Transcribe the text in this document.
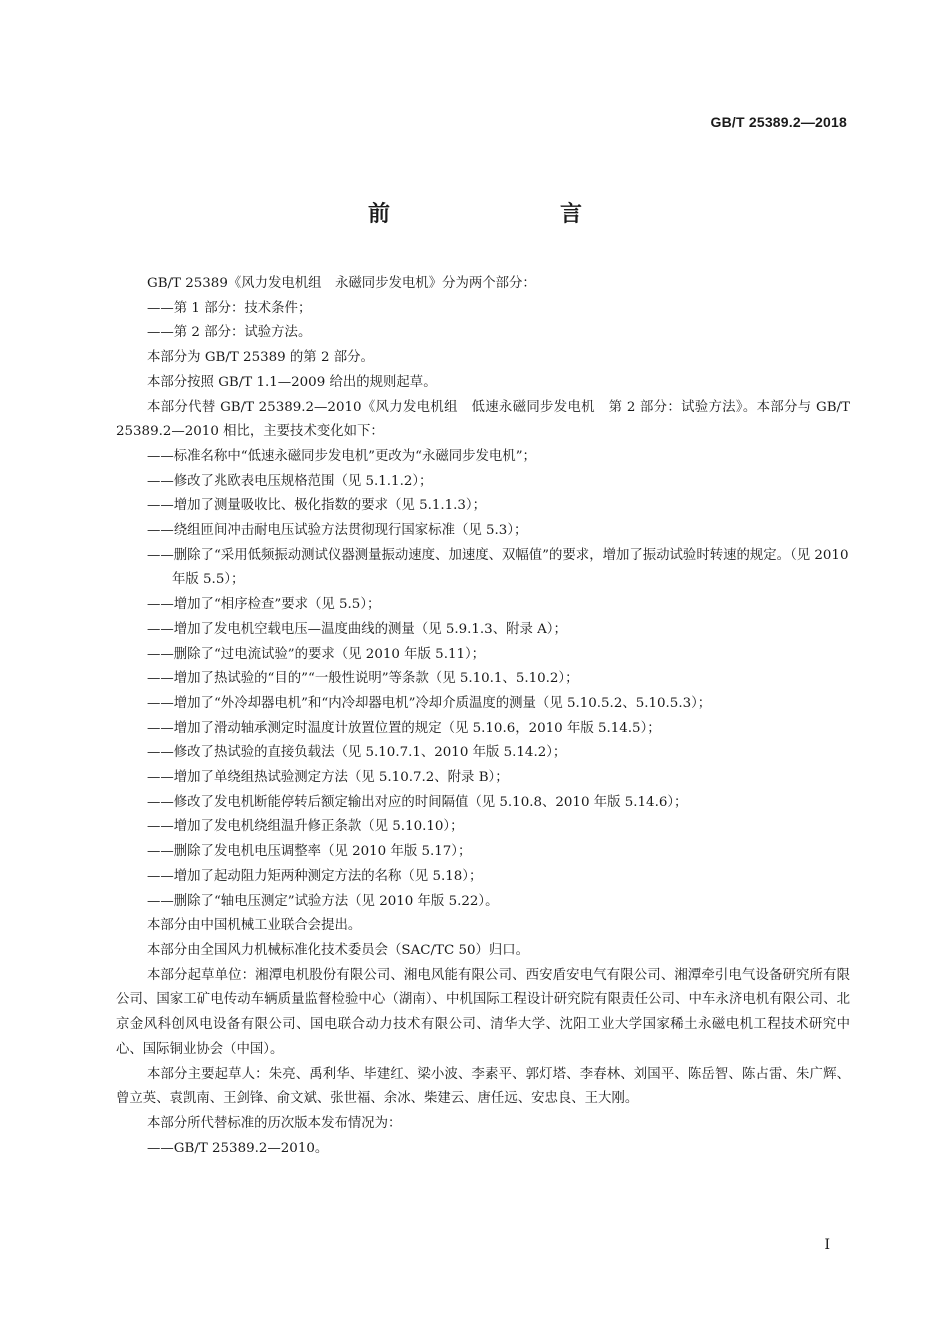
GB/T 25389.2—2018
前　　言

GB/T 25389《风力发电机组　永磁同步发电机》分为两个部分：

——第 1 部分：技术条件；

——第 2 部分：试验方法。

本部分为 GB/T 25389 的第 2 部分。

本部分按照 GB/T 1.1—2009 给出的规则起草。

本部分代替 GB/T 25389.2—2010《风力发电机组　低速永磁同步发电机　第 2 部分：试验方法》。本部分与 GB/T 25389.2—2010 相比，主要技术变化如下：

——标准名称中“低速永磁同步发电机”更改为“永磁同步发电机”；

——修改了兆欧表电压规格范围（见 5.1.1.2）；

——增加了测量吸收比、极化指数的要求（见 5.1.1.3）；

——绕组匝间冲击耐电压试验方法贯彻现行国家标准（见 5.3）；

——删除了“采用低频振动测试仪器测量振动速度、加速度、双幅值”的要求，增加了振动试验时转速的规定。（见 2010 年版 5.5）；

——增加了“相序检查”要求（见 5.5）；

——增加了发电机空载电压—温度曲线的测量（见 5.9.1.3、附录 A）；

——删除了“过电流试验”的要求（见 2010 年版 5.11）；

——增加了热试验的“目的”“一般性说明”等条款（见 5.10.1、5.10.2）；

——增加了“外冷却器电机”和“内冷却器电机”冷却介质温度的测量（见 5.10.5.2、5.10.5.3）；

——增加了滑动轴承测定时温度计放置位置的规定（见 5.10.6，2010 年版 5.14.5）；

——修改了热试验的直接负载法（见 5.10.7.1、2010 年版 5.14.2）；

——增加了单绕组热试验测定方法（见 5.10.7.2、附录 B）；

——修改了发电机断能停转后额定输出对应的时间隔值（见 5.10.8、2010 年版 5.14.6）；

——增加了发电机绕组温升修正条款（见 5.10.10）；

——删除了发电机电压调整率（见 2010 年版 5.17）；

——增加了起动阻力矩两种测定方法的名称（见 5.18）；

——删除了“轴电压测定”试验方法（见 2010 年版 5.22）。

本部分由中国机械工业联合会提出。

本部分由全国风力机械标准化技术委员会（SAC/TC 50）归口。

本部分起草单位：湘潭电机股份有限公司、湘电风能有限公司、西安盾安电气有限公司、湘潭牵引电气设备研究所有限公司、国家工矿电传动车辆质量监督检验中心（湖南）、中机国际工程设计研究院有限责任公司、中车永济电机有限公司、北京金风科创风电设备有限公司、国电联合动力技术有限公司、清华大学、沈阳工业大学国家稀土永磁电机工程技术研究中心、国际铜业协会（中国）。

本部分主要起草人：朱亮、禹利华、毕建红、梁小波、李素平、郭灯塔、李春林、刘国平、陈岳智、陈占雷、朱广辉、曾立英、袁凯南、王剑锋、俞文斌、张世福、余冰、柴建云、唐任远、安忠良、王大刚。

本部分所代替标准的历次版本发布情况为：

——GB/T 25389.2—2010。

I
